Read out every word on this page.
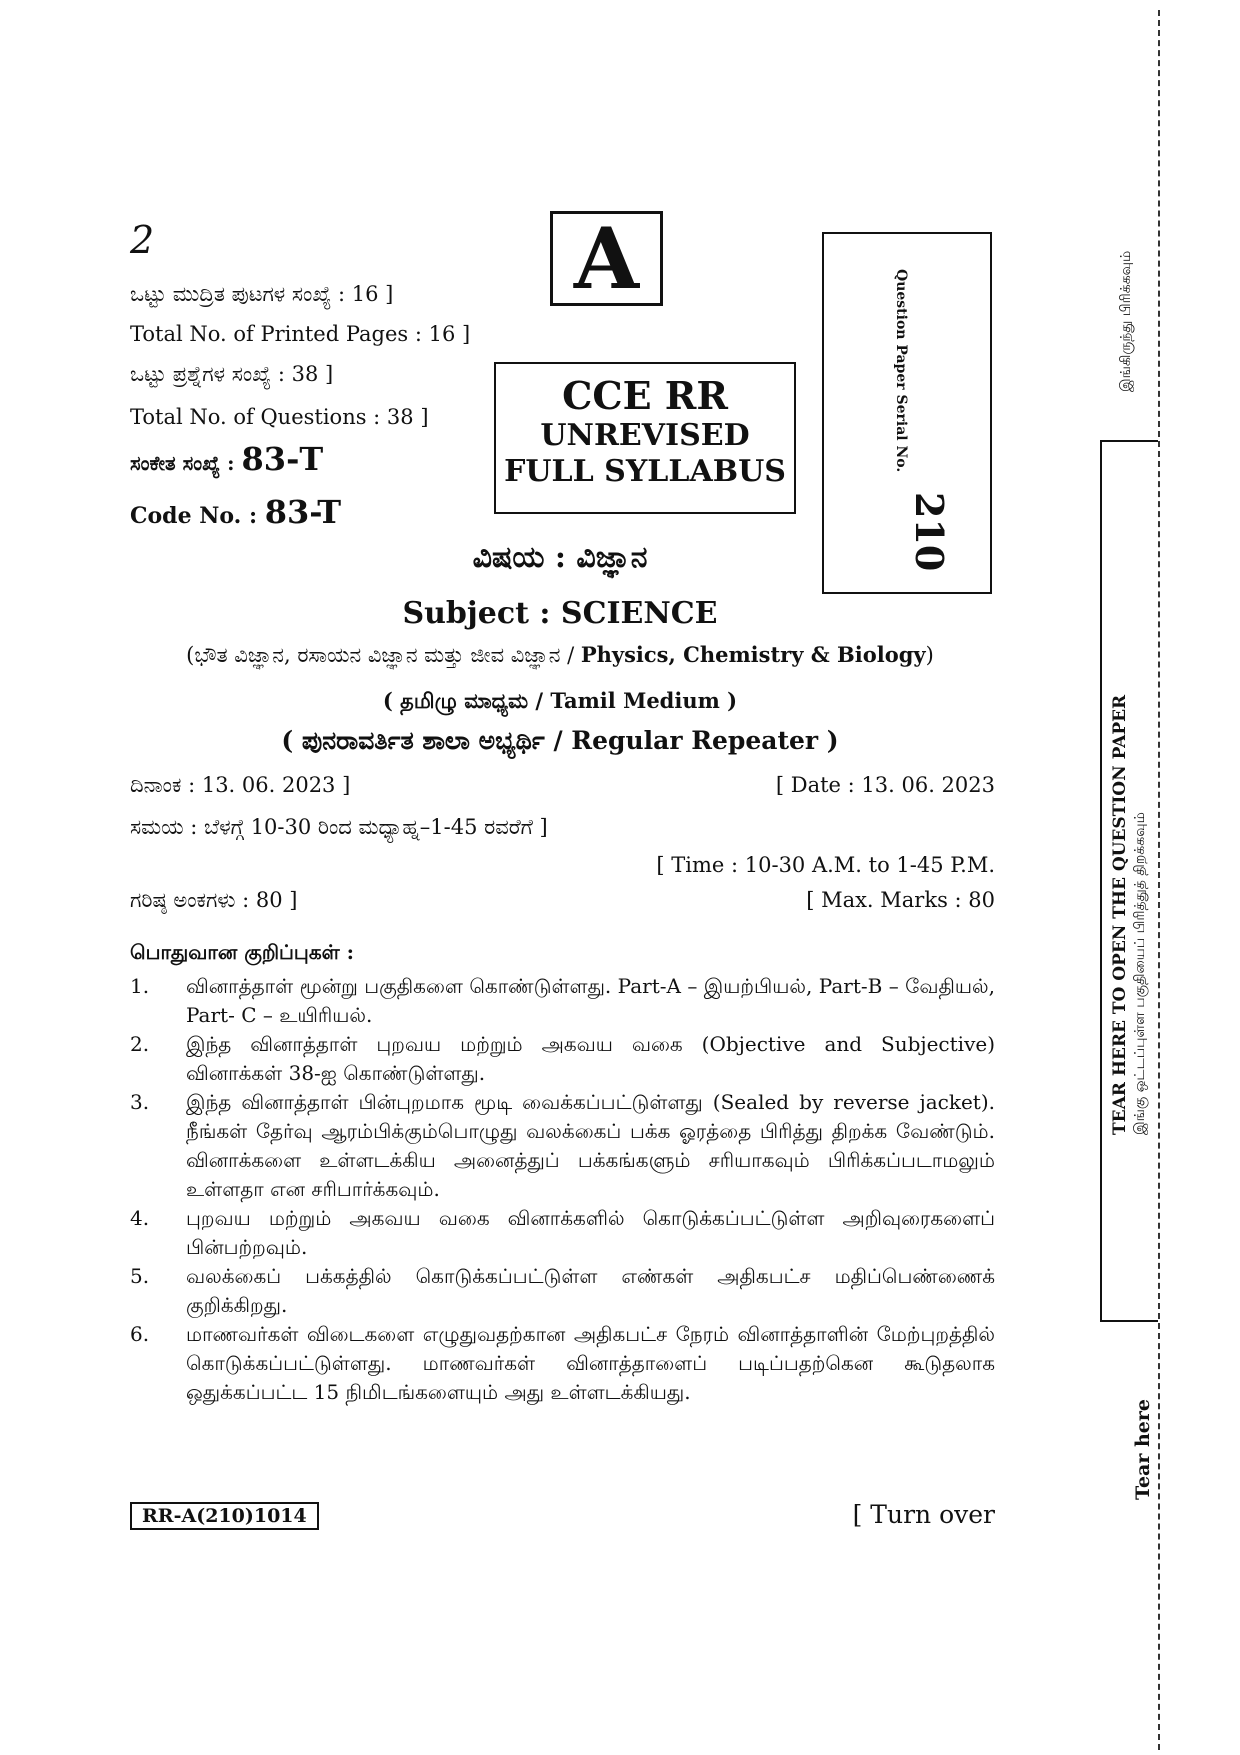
2
ಒಟ್ಟು ಮುದ್ರಿತ ಪುಟಗಳ ಸಂಖ್ಯೆ : 16 ]
Total No. of Printed Pages : 16 ]
ಒಟ್ಟು ಪ್ರಶ್ನೆಗಳ ಸಂಖ್ಯೆ : 38 ]
Total No. of Questions : 38 ]
ಸಂಕೇತ ಸಂಖ್ಯೆ : 83-T
Code No. : 83-T
A
CCE RR
UNREVISED
FULL SYLLABUS	Question Paper Serial No.
210
ವಿಷಯ : ವಿಜ್ಞಾನ
Subject : SCIENCE
(ಭೌತ ವಿಜ್ಞಾನ, ರಸಾಯನ ವಿಜ್ಞಾನ ಮತ್ತು ಜೀವ ವಿಜ್ಞಾನ / Physics, Chemistry & Biology)
( தமிழு ಮಾಧ್ಯಮ / Tamil Medium )
( ಪುನರಾವರ್ತಿತ ಶಾಲಾ ಅಭ್ಯರ್ಥಿ / Regular Repeater )
ದಿನಾಂಕ : 13. 06. 2023 ]	[ Date : 13. 06. 2023
ಸಮಯ : ಬೆಳಗ್ಗೆ 10-30 ರಿಂದ ಮಧ್ಯಾಹ್ನ–1-45 ರವರೆಗೆ ]
[ Time : 10-30 A.M. to 1-45 P.M.
ಗರಿಷ್ಠ ಅಂಕಗಳು : 80 ]	[ Max. Marks : 80
பொதுவான குறிப்புகள் :
1.	வினாத்தாள் மூன்று பகுதிகளை கொண்டுள்ளது. Part-A – இயற்பியல், Part-B – வேதியல், Part- C – உயிரியல்.
2.	இந்த வினாத்தாள் புறவய மற்றும் அகவய வகை (Objective and Subjective) வினாக்கள் 38-ஐ கொண்டுள்ளது.
3.	இந்த வினாத்தாள் பின்புறமாக மூடி வைக்கப்பட்டுள்ளது (Sealed by reverse jacket). நீங்கள் தேர்வு ஆரம்பிக்கும்பொழுது வலக்கைப் பக்க ஓரத்தை பிரித்து திறக்க வேண்டும். வினாக்களை உள்ளடக்கிய அனைத்துப் பக்கங்களும் சரியாகவும் பிரிக்கப்படாமலும் உள்ளதா என சரிபார்க்கவும்.
4.	புறவய மற்றும் அகவய வகை வினாக்களில் கொடுக்கப்பட்டுள்ள அறிவுரைகளைப் பின்பற்றவும்.
5.	வலக்கைப் பக்கத்தில் கொடுக்கப்பட்டுள்ள எண்கள் அதிகபட்ச மதிப்பெண்ணைக் குறிக்கிறது.
6.	மாணவர்கள் விடைகளை எழுதுவதற்கான அதிகபட்ச நேரம் வினாத்தாளின் மேற்புறத்தில் கொடுக்கப்பட்டுள்ளது. மாணவர்கள் வினாத்தாளைப் படிப்பதற்கென கூடுதலாக ஒதுக்கப்பட்ட 15 நிமிடங்களையும் அது உள்ளடக்கியது.
RR-A(210)1014	[ Turn over
இங்கிருந்து பிரிக்கவும்
TEAR HERE TO OPEN THE QUESTION PAPER இங்கு ஒட்டப்புள்ள பகுதியைப் பிரித்துத் திறக்கவும்
Tear here
